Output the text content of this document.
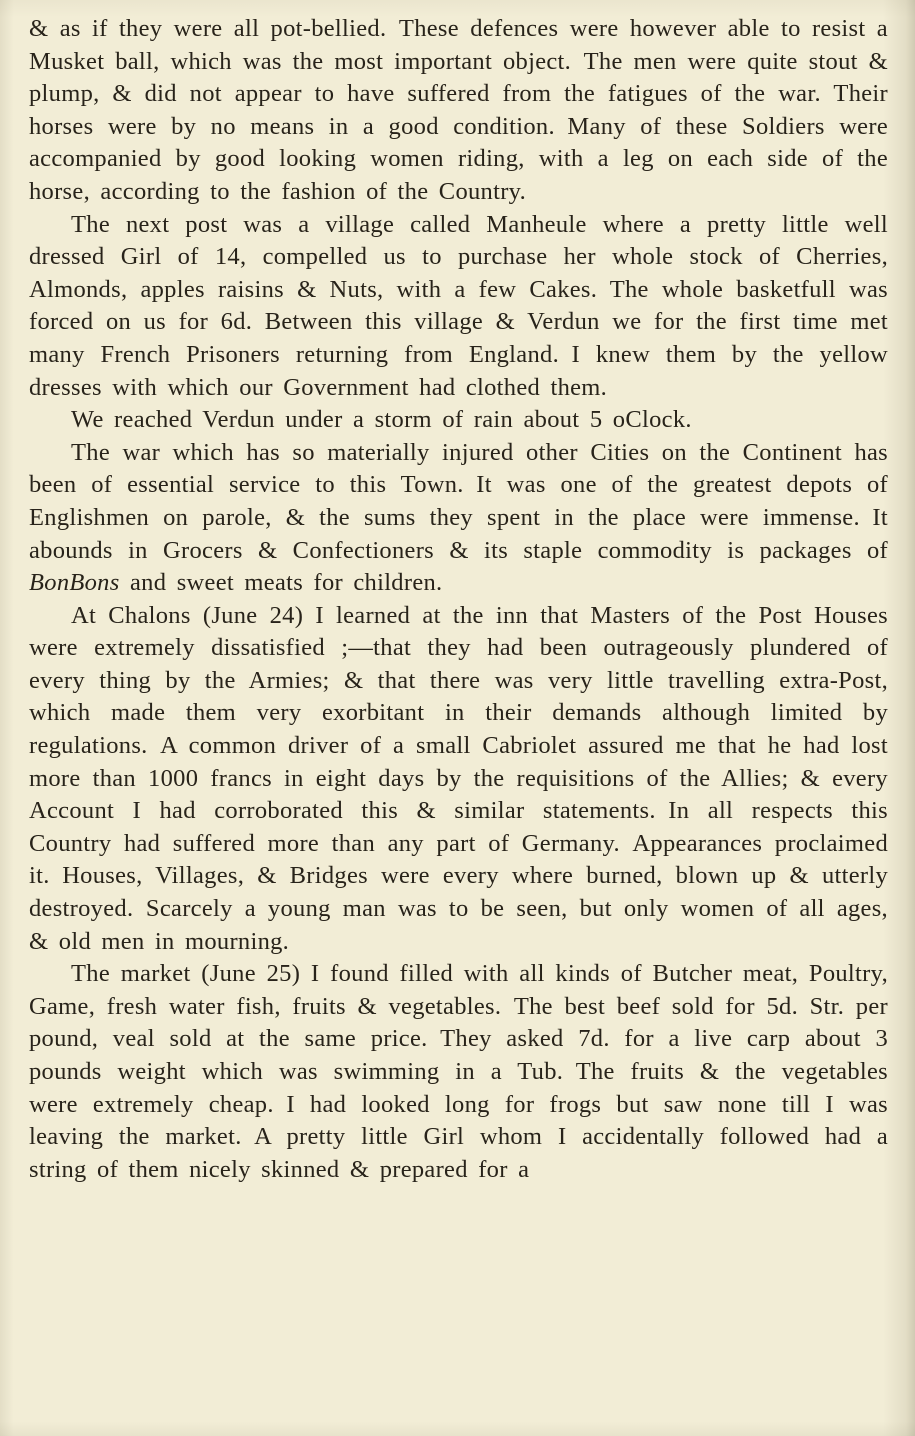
& as if they were all pot-bellied. These defences were however able to resist a Musket ball, which was the most important object. The men were quite stout & plump, & did not appear to have suffered from the fatigues of the war. Their horses were by no means in a good condition. Many of these Soldiers were accompanied by good looking women riding, with a leg on each side of the horse, according to the fashion of the Country.

The next post was a village called Manheule where a pretty little well dressed Girl of 14, compelled us to purchase her whole stock of Cherries, Almonds, apples raisins & Nuts, with a few Cakes. The whole basketfull was forced on us for 6d. Between this village & Verdun we for the first time met many French Prisoners returning from England. I knew them by the yellow dresses with which our Government had clothed them.

We reached Verdun under a storm of rain about 5 oClock.

The war which has so materially injured other Cities on the Continent has been of essential service to this Town. It was one of the greatest depots of Englishmen on parole, & the sums they spent in the place were immense. It abounds in Grocers & Confectioners & its staple commodity is packages of BonBons and sweet meats for children.

At Chalons (June 24) I learned at the inn that Masters of the Post Houses were extremely dissatisfied ;—that they had been outrageously plundered of every thing by the Armies; & that there was very little travelling extra-Post, which made them very exorbitant in their demands although limited by regulations. A common driver of a small Cabriolet assured me that he had lost more than 1000 francs in eight days by the requisitions of the Allies; & every Account I had corroborated this & similar statements. In all respects this Country had suffered more than any part of Germany. Appearances proclaimed it. Houses, Villages, & Bridges were every where burned, blown up & utterly destroyed. Scarcely a young man was to be seen, but only women of all ages, & old men in mourning.

The market (June 25) I found filled with all kinds of Butcher meat, Poultry, Game, fresh water fish, fruits & vegetables. The best beef sold for 5d. Str. per pound, veal sold at the same price. They asked 7d. for a live carp about 3 pounds weight which was swimming in a Tub. The fruits & the vegetables were extremely cheap. I had looked long for frogs but saw none till I was leaving the market. A pretty little Girl whom I accidentally followed had a string of them nicely skinned & prepared for a
